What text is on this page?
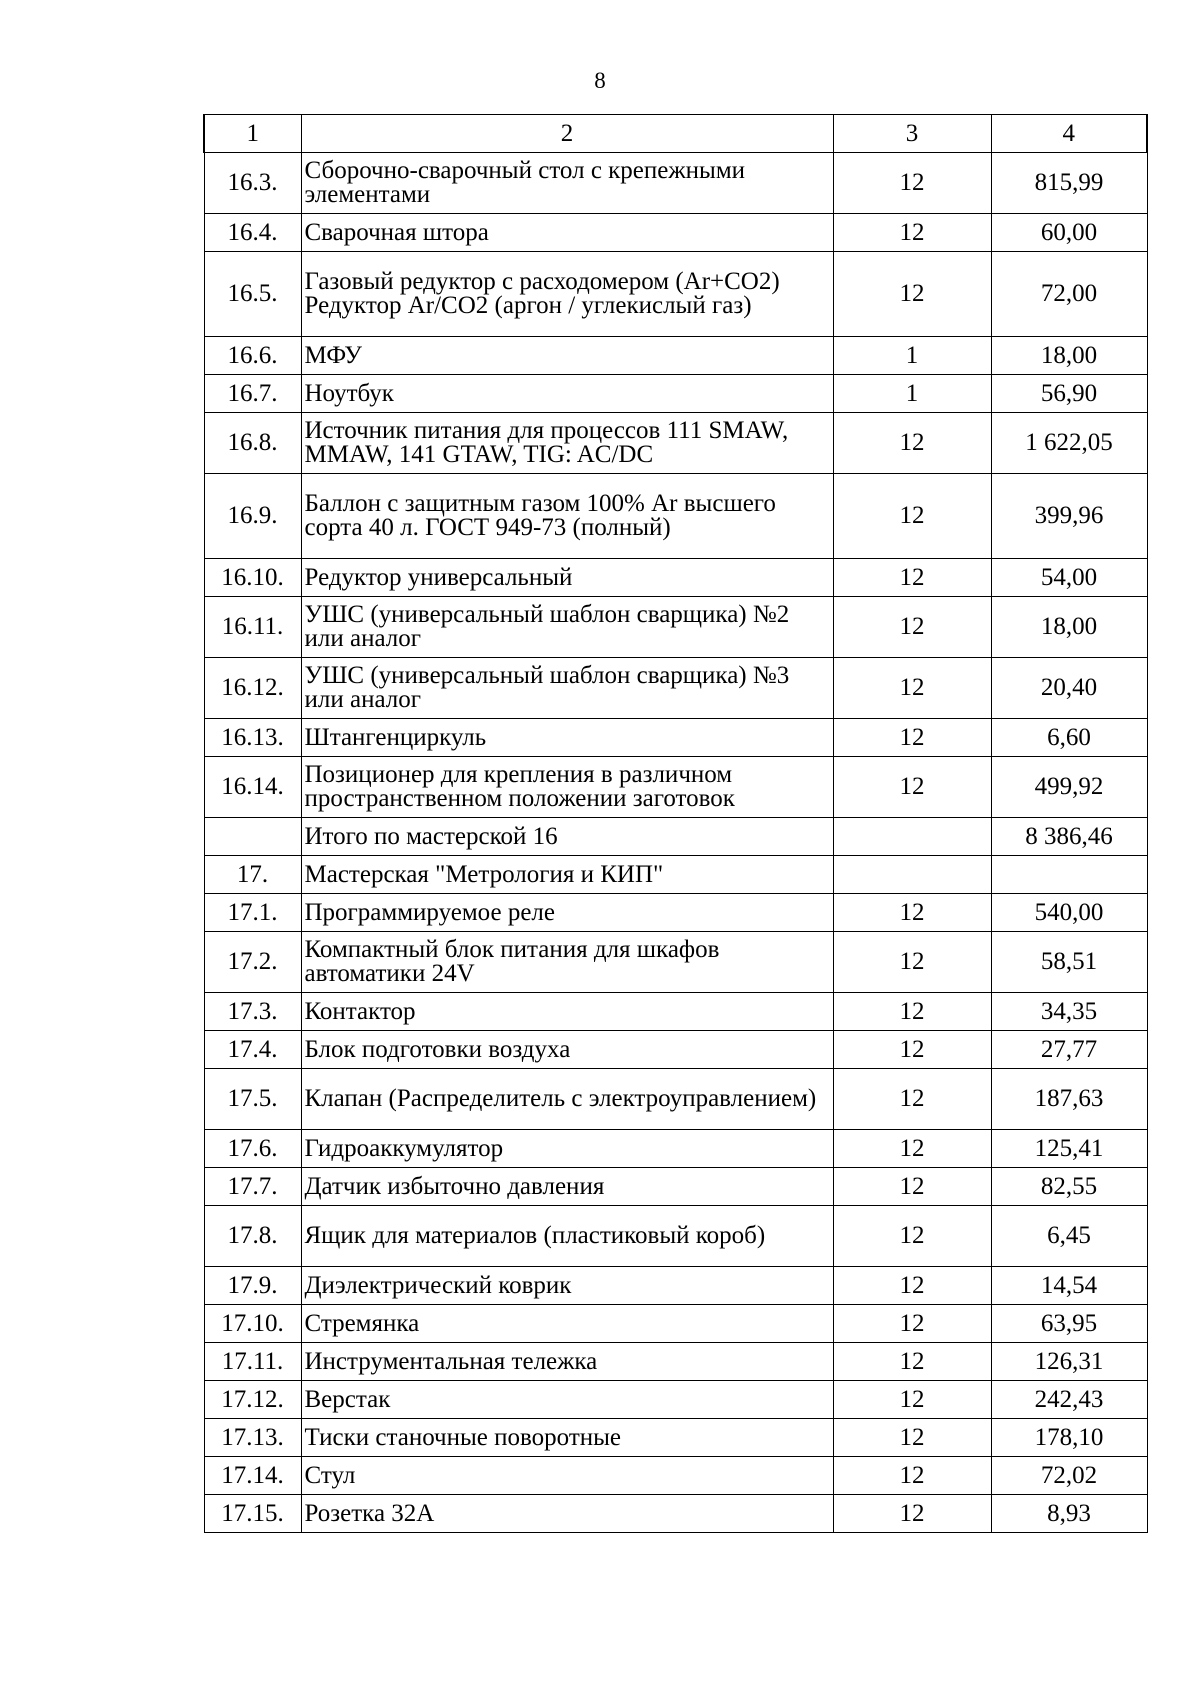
8
1	2	3	4
16.3.	Сборочно-сварочный стол с крепежными элементами	12	815,99
16.4.	Сварочная штора	12	60,00
16.5.	Газовый редуктор с расходомером (Ar+CO2) Редуктор Ar/CO2 (аргон / углекислый газ)	12	72,00
16.6.	МФУ	1	18,00
16.7.	Ноутбук	1	56,90
16.8.	Источник питания для процессов 111 SMAW, MMAW, 141 GTAW, TIG: AC/DC	12	1 622,05
16.9.	Баллон с защитным газом 100% Ar высшего сорта 40 л. ГОСТ 949-73 (полный)	12	399,96
16.10.	Редуктор универсальный	12	54,00
16.11.	УШС (универсальный шаблон сварщика) №2 или аналог	12	18,00
16.12.	УШС (универсальный шаблон сварщика) №3 или аналог	12	20,40
16.13.	Штангенциркуль	12	6,60
16.14.	Позиционер для крепления в различном пространственном положении заготовок	12	499,92
	Итого по мастерской 16		8 386,46
17.	Мастерская "Метрология и КИП"		
17.1.	Программируемое реле	12	540,00
17.2.	Компактный блок питания для шкафов автоматики 24V	12	58,51
17.3.	Контактор	12	34,35
17.4.	Блок подготовки воздуха	12	27,77
17.5.	Клапан (Распределитель с электроуправлением)	12	187,63
17.6.	Гидроаккумулятор	12	125,41
17.7.	Датчик избыточно давления	12	82,55
17.8.	Ящик для материалов (пластиковый короб)	12	6,45
17.9.	Диэлектрический коврик	12	14,54
17.10.	Стремянка	12	63,95
17.11.	Инструментальная тележка	12	126,31
17.12.	Верстак	12	242,43
17.13.	Тиски станочные поворотные	12	178,10
17.14.	Стул	12	72,02
17.15.	Розетка 32А	12	8,93
